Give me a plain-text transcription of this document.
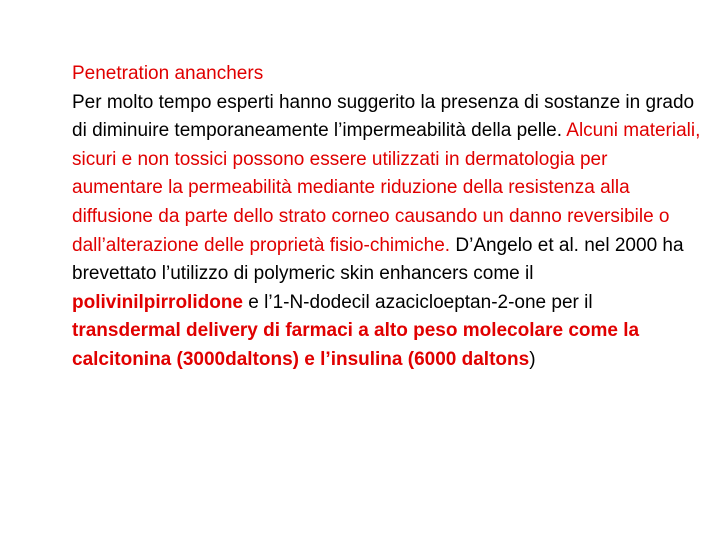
Penetration ananchers
Per molto tempo esperti hanno suggerito la presenza di sostanze in grado di diminuire temporaneamente l’impermeabilità della pelle. Alcuni materiali, sicuri e non tossici possono essere utilizzati in dermatologia per aumentare la permeabilità mediante riduzione della resistenza alla diffusione da parte dello strato corneo causando un danno reversibile o dall’alterazione delle proprietà fisio-chimiche. D’Angelo et al. nel 2000 ha brevettato l’utilizzo di polymeric skin enhancers come il polivinilpirrolidone e l’1-N-dodecil azacicloeptan-2-one per il transdermal delivery di farmaci a alto peso molecolare come la calcitonina (3000daltons) e l’insulina (6000 daltons)
